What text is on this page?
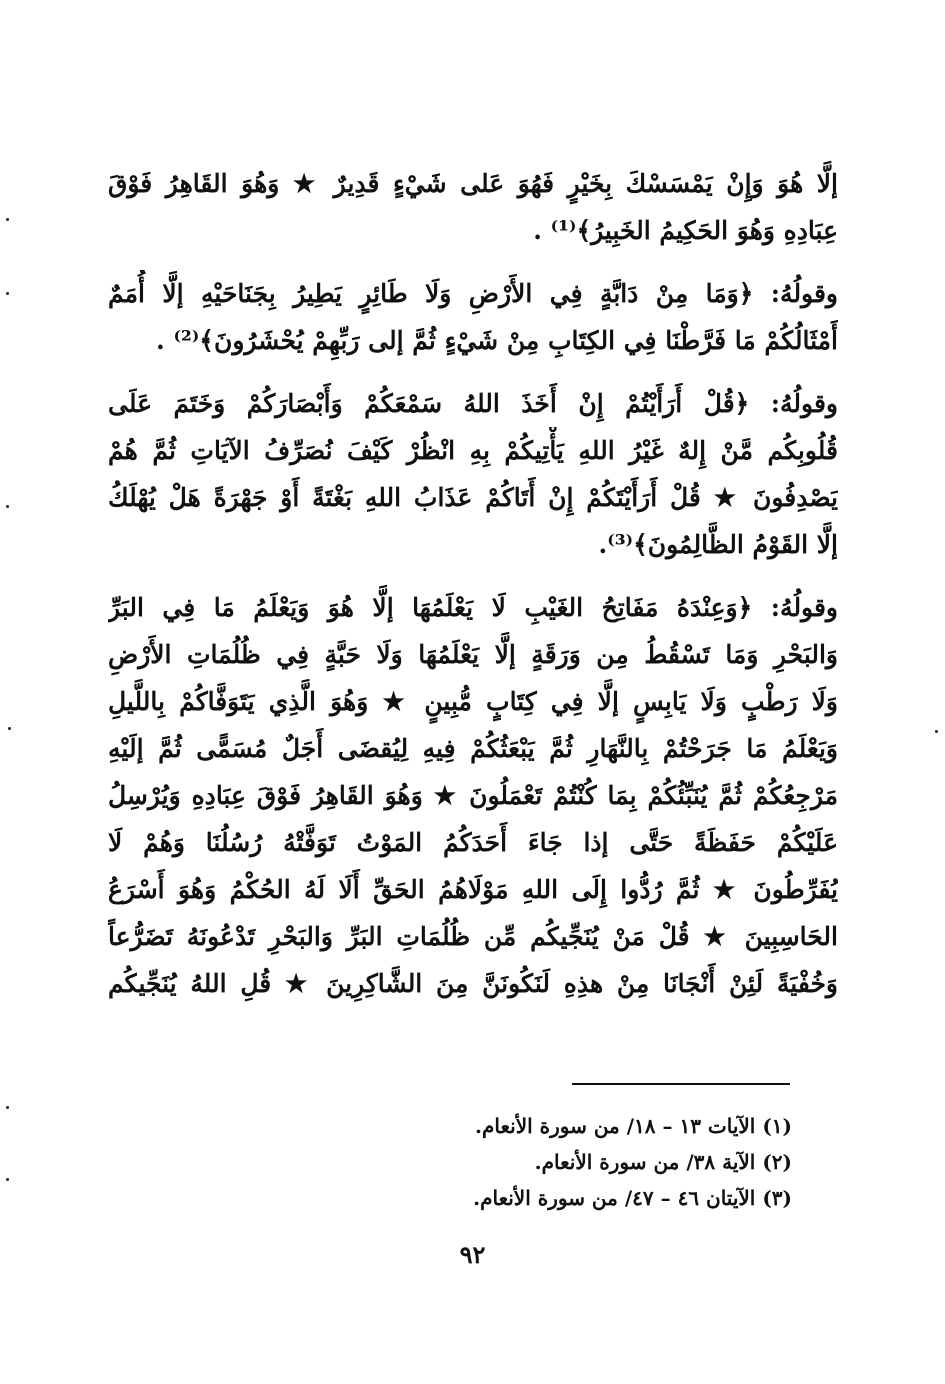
إلَّا هُوَ وَإِنْ يَمْسَسْكَ بِخَيْرٍ فَهُوَ عَلى شَيْءٍ قَدِيرٌ ★ وَهُوَ القَاهِرُ فَوْقَ
عِبَادِهِ وَهُوَ الحَكِيمُ الخَبِيرُ﴾⁽¹⁾ .
وقولُهُ: ﴿وَمَا مِنْ دَابَّةٍ فِي الأَرْضِ وَلَا طَائِرٍ يَطِيرُ بِجَنَاحَيْهِ إلَّا أُمَمٌ
أَمْثَالُكُمْ مَا فَرَّطْنَا فِي الكِتَابِ مِنْ شَيْءٍ ثُمَّ إلى رَبِّهِمْ يُحْشَرُونَ﴾⁽²⁾ .
وقولُهُ: ﴿قُلْ أَرَأَيْتُمْ إِنْ أَخَذَ اللهُ سَمْعَكُمْ وَأَبْصَارَكُمْ وَخَتَمَ عَلَى
قُلُوبِكُم مَّنْ إِلهٌ غَيْرُ اللهِ يَأْتِيكُمْ بِهِ انْظُرْ كَيْفَ نُصَرِّفُ الآيَاتِ ثُمَّ هُمْ
يَصْدِفُونَ ★ قُلْ أَرَأَيْتَكُمْ إِنْ أَتَاكُمْ عَذَابُ اللهِ بَغْتَةً أَوْ جَهْرَةً هَلْ يُهْلَكُ
إلَّا القَوْمُ الظَّالِمُونَ﴾⁽³⁾.
وقولُهُ: ﴿وَعِنْدَهُ مَفَاتِحُ الغَيْبِ لَا يَعْلَمُهَا إلَّا هُوَ وَيَعْلَمُ مَا فِي البَرِّ
وَالبَحْرِ وَمَا تَسْقُطُ مِن وَرَقَةٍ إلَّا يَعْلَمُهَا وَلَا حَبَّةٍ فِي ظُلُمَاتِ الأَرْضِ
وَلَا رَطْبٍ وَلَا يَابِسٍ إلَّا فِي كِتَابٍ مُّبِينٍ ★ وَهُوَ الَّذِي يَتَوَفَّاكُمْ بِاللَّيلِ
وَيَعْلَمُ مَا جَرَحْتُمْ بِالنَّهَارِ ثُمَّ يَبْعَثُكُمْ فِيهِ لِيُقضَى أَجَلٌ مُسَمًّى ثُمَّ إلَيْهِ
مَرْجِعُكُمْ ثُمَّ يُنَبِّئُكُمْ بِمَا كُنْتُمْ تَعْمَلُونَ ★ وَهُوَ القَاهِرُ فَوْقَ عِبَادِهِ وَيُرْسِلُ
عَلَيْكُمْ حَفَظَةً حَتَّى إذا جَاءَ أَحَدَكُمُ المَوْتُ تَوَفَّتْهُ رُسُلُنَا وَهُمْ لَا
يُفَرِّطُونَ ★ ثُمَّ رُدُّوا إِلَى اللهِ مَوْلَاهُمُ الحَقِّ أَلَا لَهُ الحُكْمُ وَهُوَ أَسْرَعُ
الحَاسِبِينَ ★ قُلْ مَنْ يُنَجِّيكُم مِّن ظُلُمَاتِ البَرِّ وَالبَحْرِ تَدْعُونَهُ تَضَرُّعاً
وَخُفْيَةً لَئِنْ أَنْجَانَا مِنْ هذِهِ لَنَكُونَنَّ مِنَ الشَّاكِرِينَ ★ قُلِ اللهُ يُنَجِّيكُم
(١) الآيات ١٣ – ١٨/ من سورة الأنعام.
(٢) الآية ٣٨/ من سورة الأنعام.
(٣) الآيتان ٤٦ – ٤٧/ من سورة الأنعام.
٩٢
